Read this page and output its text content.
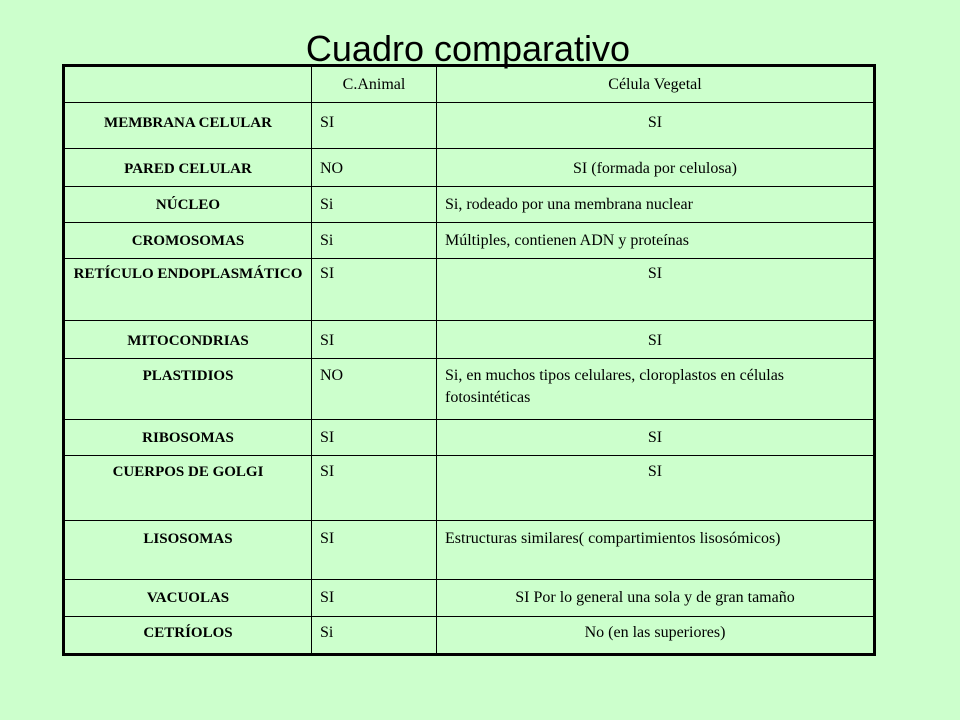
Cuadro comparativo
	C.Animal	Célula Vegetal
MEMBRANA CELULAR	SI	SI
PARED CELULAR	NO	SI (formada por celulosa)
NÚCLEO	Si	Si, rodeado por una membrana nuclear
CROMOSOMAS	Si	Múltiples, contienen ADN y proteínas
RETÍCULO ENDOPLASMÁTICO	SI	SI
MITOCONDRIAS	SI	SI
PLASTIDIOS	NO	Si, en muchos tipos celulares, cloroplastos en células fotosintéticas
RIBOSOMAS	SI	SI
CUERPOS DE GOLGI	SI	SI
LISOSOMAS	SI	Estructuras similares( compartimientos lisosómicos)
VACUOLAS	SI	SI Por lo general una sola y de gran tamaño
CETRÍOLOS	Si	No (en las superiores)
